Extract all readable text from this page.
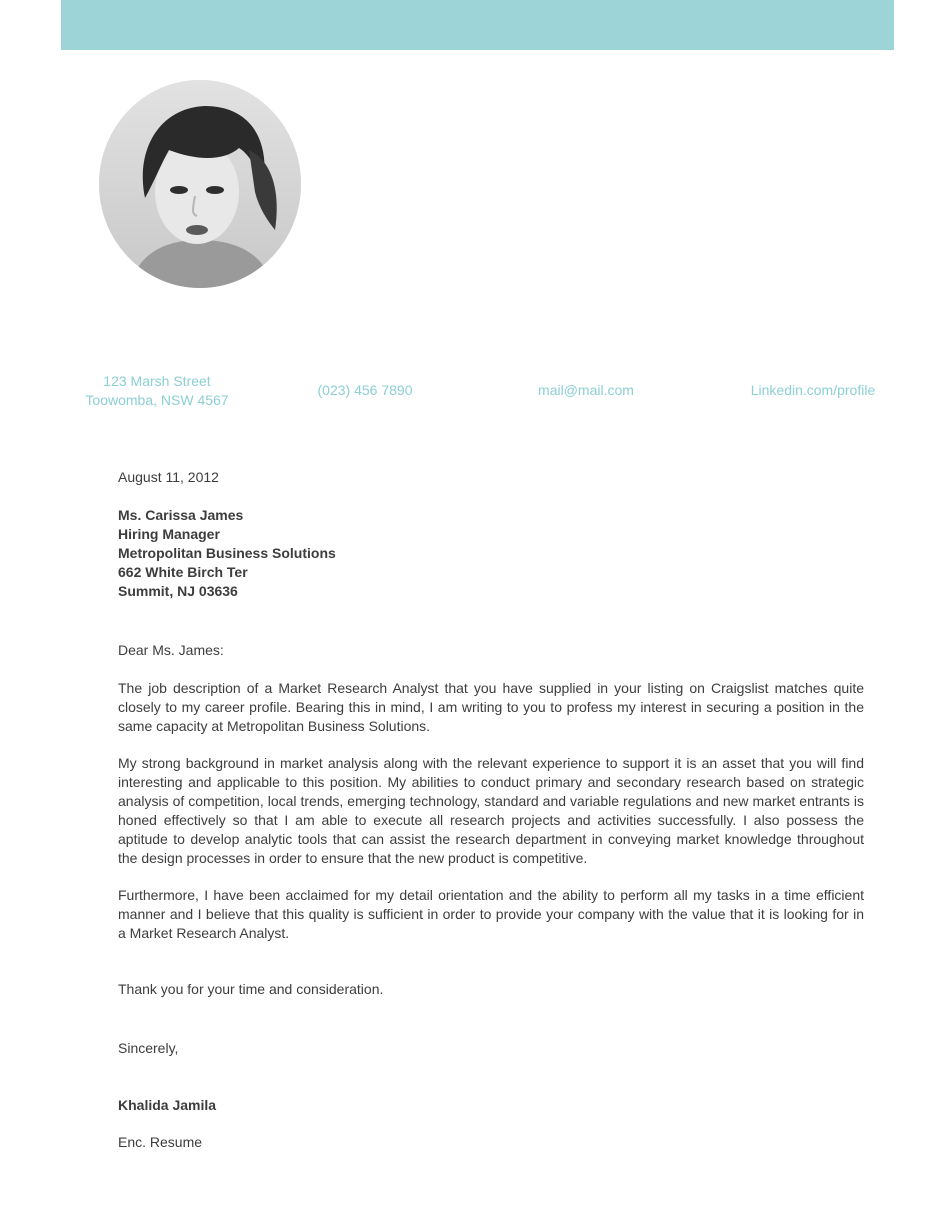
123 Marsh Street
Toowomba, NSW 4567
(023) 456 7890	mail@mail.com	Linkedin.com/profile
August 11, 2012
Ms. Carissa James
Hiring Manager
Metropolitan Business Solutions
662 White Birch Ter
Summit, NJ 03636
Dear Ms. James:

The job description of a Market Research Analyst that you have supplied in your listing on Craigslist matches quite closely to my career profile. Bearing this in mind, I am writing to you to profess my interest in securing a position in the same capacity at Metropolitan Business Solutions.

My strong background in market analysis along with the relevant experience to support it is an asset that you will find interesting and applicable to this position. My abilities to conduct primary and secondary research based on strategic analysis of competition, local trends, emerging technology, standard and variable regulations and new market entrants is honed effectively so that I am able to execute all research projects and activities successfully. I also possess the aptitude to develop analytic tools that can assist the research department in conveying market knowledge throughout the design processes in order to ensure that the new product is competitive.

Furthermore, I have been acclaimed for my detail orientation and the ability to perform all my tasks in a time efficient manner and I believe that this quality is sufficient in order to provide your company with the value that it is looking for in a Market Research Analyst.

Thank you for your time and consideration.
Sincerely,
Khalida Jamila
Enc. Resume
